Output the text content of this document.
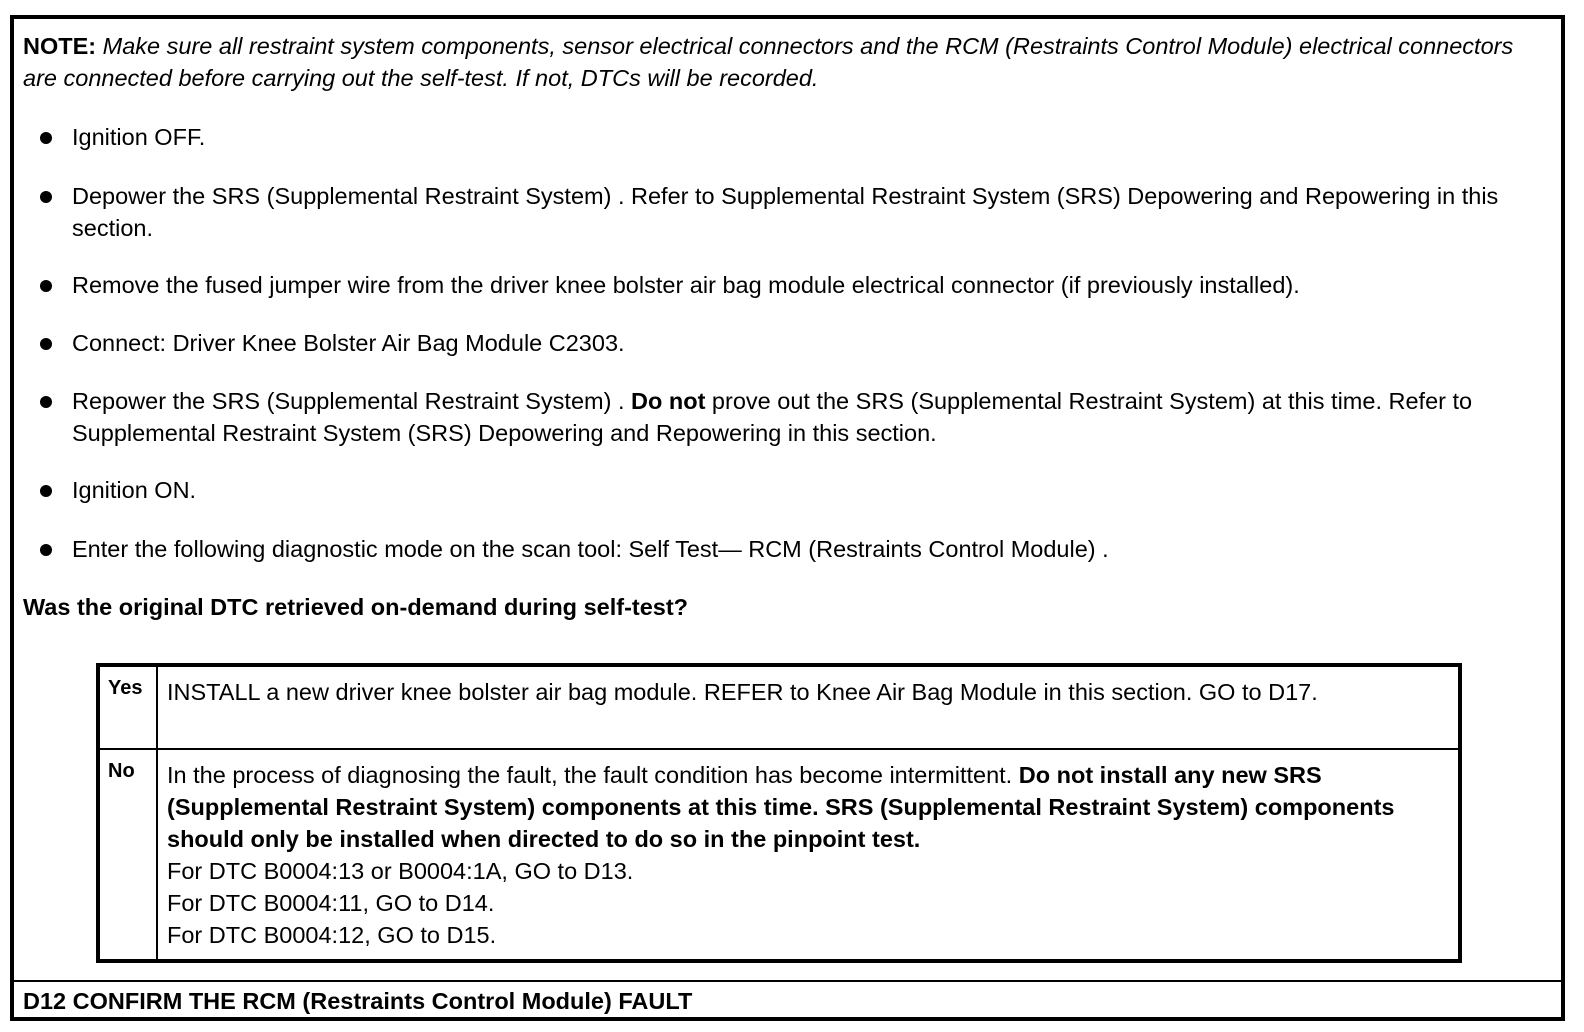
NOTE: Make sure all restraint system components, sensor electrical connectors and the RCM (Restraints Control Module) electrical connectors are connected before carrying out the self-test. If not, DTCs will be recorded.

Ignition OFF.
Depower the SRS (Supplemental Restraint System) . Refer to Supplemental Restraint System (SRS) Depowering and Repowering in this section.
Remove the fused jumper wire from the driver knee bolster air bag module electrical connector (if previously installed).
Connect: Driver Knee Bolster Air Bag Module C2303.
Repower the SRS (Supplemental Restraint System) . Do not prove out the SRS (Supplemental Restraint System) at this time. Refer to Supplemental Restraint System (SRS) Depowering and Repowering in this section.
Ignition ON.
Enter the following diagnostic mode on the scan tool: Self Test— RCM (Restraints Control Module) .

Was the original DTC retrieved on-demand during self-test?

Yes	INSTALL a new driver knee bolster air bag module. REFER to Knee Air Bag Module in this section. GO to D17.
No	In the process of diagnosing the fault, the fault condition has become intermittent. Do not install any new SRS (Supplemental Restraint System) components at this time. SRS (Supplemental Restraint System) components should only be installed when directed to do so in the pinpoint test.
For DTC B0004:13 or B0004:1A, GO to D13.
For DTC B0004:11, GO to D14.
For DTC B0004:12, GO to D15.

D12 CONFIRM THE RCM (Restraints Control Module) FAULT
